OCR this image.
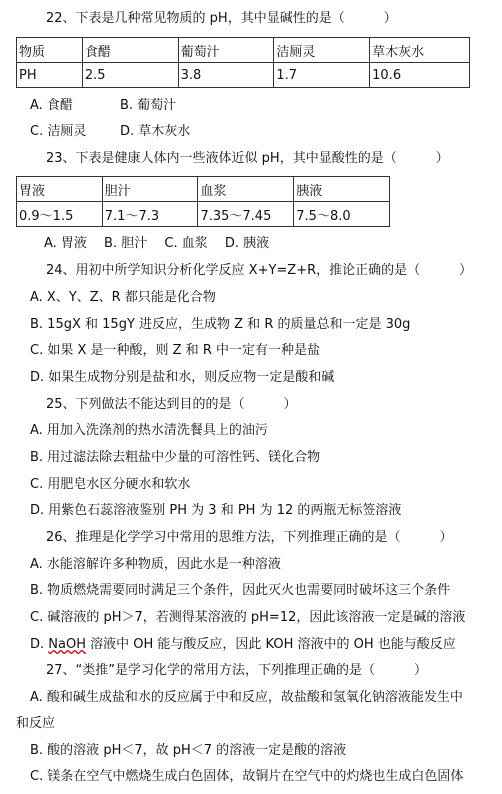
22、下表是几种常见物质的 pH，其中显碱性的是（　　　）
物质	食醋	葡萄汁	洁厕灵	草木灰水
PH	2.5	3.8	1.7	10.6
A. 食醋	B. 葡萄汁
C. 洁厕灵	D. 草木灰水
23、下表是健康人体内一些液体近似 pH，其中显酸性的是（　　　）
胃液	胆汁	血浆	胰液
0.9～1.5	7.1～7.3	7.35～7.45	7.5～8.0
A. 胃液　 B. 胆汁　 C. 血浆　 D. 胰液
24、用初中所学知识分析化学反应 X+Y=Z+R，推论正确的是（　　　）
A. X、Y、Z、R 都只能是化合物
B. 15gX 和 15gY 进反应，生成物 Z 和 R 的质量总和一定是 30g
C. 如果 X 是一种酸，则 Z 和 R 中一定有一种是盐
D. 如果生成物分别是盐和水，则反应物一定是酸和碱
25、下列做法不能达到目的的是（　　　）
A. 用加入洗涤剂的热水清洗餐具上的油污
B. 用过滤法除去粗盐中少量的可溶性钙、镁化合物
C. 用肥皂水区分硬水和软水
D. 用紫色石蕊溶液鉴别 PH 为 3 和 PH 为 12 的两瓶无标签溶液
26、推理是化学学习中常用的思维方法，下列推理正确的是（　　　）
A. 水能溶解许多种物质，因此水是一种溶液
B. 物质燃烧需要同时满足三个条件，因此灭火也需要同时破坏这三个条件
C. 碱溶液的 pH＞7，若测得某溶液的 pH=12，因此该溶液一定是碱的溶液
D. NaOH 溶液中 OH 能与酸反应，因此 KOH 溶液中的 OH 也能与酸反应
27、“类推”是学习化学的常用方法，下列推理正确的是（　　　）
A. 酸和碱生成盐和水的反应属于中和反应，故盐酸和氢氧化钠溶液能发生中
和反应
B. 酸的溶液 pH＜7，故 pH＜7 的溶液一定是酸的溶液
C. 镁条在空气中燃烧生成白色固体，故铜片在空气中的灼烧也生成白色固体
